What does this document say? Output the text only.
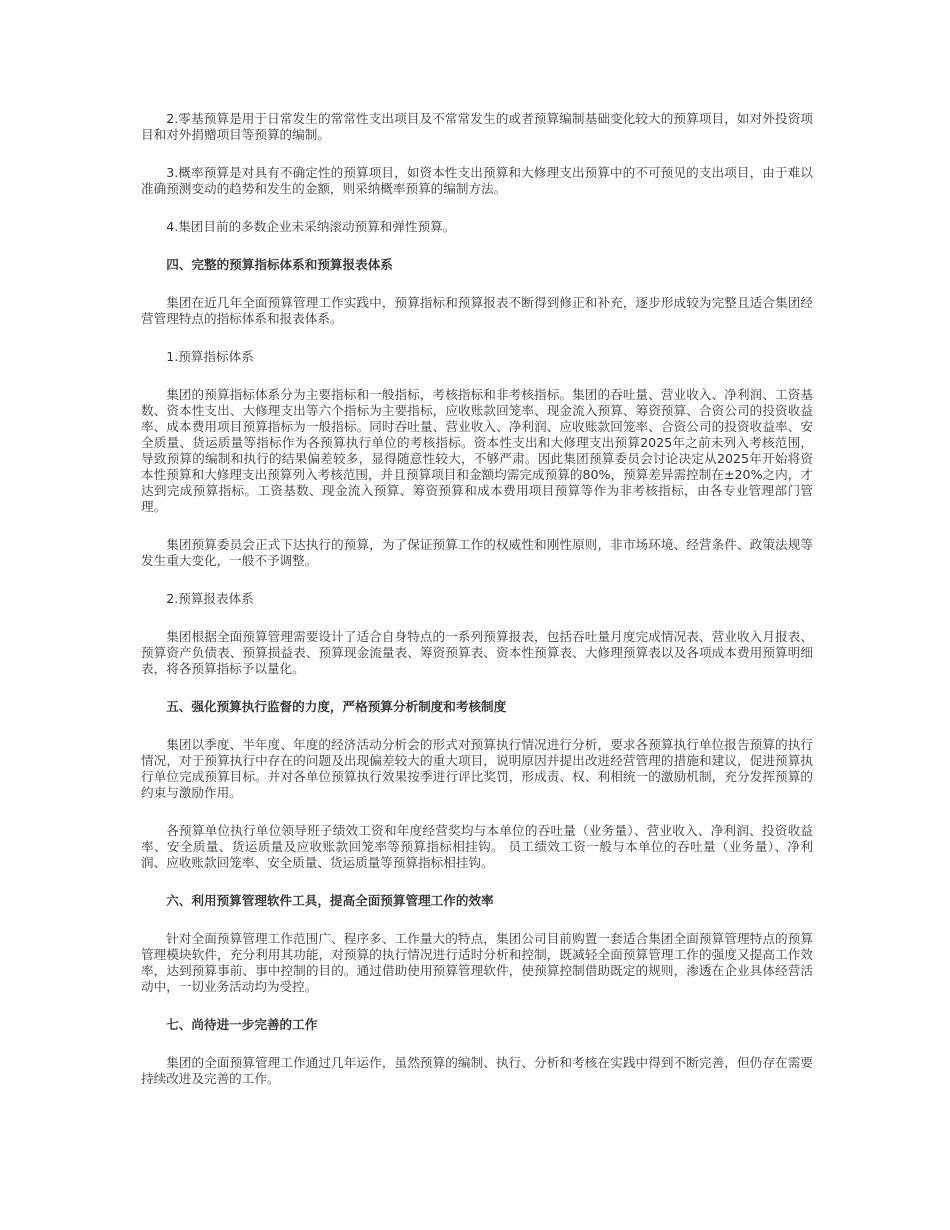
2.零基预算是用于日常发生的常常性支出项目及不常常发生的或者预算编制基础变化较大的预算项目，如对外投资项目和对外捐赠项目等预算的编制。

3.概率预算是对具有不确定性的预算项目，如资本性支出预算和大修理支出预算中的不可预见的支出项目，由于难以准确预测变动的趋势和发生的金额，则采纳概率预算的编制方法。

4.集团目前的多数企业未采纳滚动预算和弹性预算。

四、完整的预算指标体系和预算报表体系

集团在近几年全面预算管理工作实践中，预算指标和预算报表不断得到修正和补充，逐步形成较为完整且适合集团经营管理特点的指标体系和报表体系。

1.预算指标体系

集团的预算指标体系分为主要指标和一般指标，考核指标和非考核指标。集团的吞吐量、营业收入、净利润、工资基数、资本性支出、大修理支出等六个指标为主要指标，应收账款回笼率、现金流入预算、筹资预算、合资公司的投资收益率、成本费用项目预算指标为一般指标。同时吞吐量、营业收入、净利润、应收账款回笼率、合资公司的投资收益率、安全质量、货运质量等指标作为各预算执行单位的考核指标。资本性支出和大修理支出预算2025年之前未列入考核范围，导致预算的编制和执行的结果偏差较多，显得随意性较大，不够严肃。因此集团预算委员会讨论决定从2025年开始将资本性预算和大修理支出预算列入考核范围，并且预算项目和金额均需完成预算的80%，预算差异需控制在±20%之内，才达到完成预算指标。工资基数、现金流入预算、筹资预算和成本费用项目预算等作为非考核指标，由各专业管理部门管理。

集团预算委员会正式下达执行的预算，为了保证预算工作的权威性和刚性原则，非市场环境、经营条件、政策法规等发生重大变化，一般不予调整。

2.预算报表体系

集团根据全面预算管理需要设计了适合自身特点的一系列预算报表，包括吞吐量月度完成情况表、营业收入月报表、预算资产负债表、预算损益表、预算现金流量表、筹资预算表、资本性预算表、大修理预算表以及各项成本费用预算明细表，将各预算指标予以量化。

五、强化预算执行监督的力度，严格预算分析制度和考核制度

集团以季度、半年度、年度的经济活动分析会的形式对预算执行情况进行分析，要求各预算执行单位报告预算的执行情况，对于预算执行中存在的问题及出现偏差较大的重大项目，说明原因并提出改进经营管理的措施和建议，促进预算执行单位完成预算目标。并对各单位预算执行效果按季进行评比奖罚，形成责、权、利相统一的激励机制，充分发挥预算的约束与激励作用。

各预算单位执行单位领导班子绩效工资和年度经营奖均与本单位的吞吐量（业务量）、营业收入、净利润、投资收益率、安全质量、货运质量及应收账款回笼率等预算指标相挂钩。 员工绩效工资一般与本单位的吞吐量（业务量）、净利润、应收账款回笼率、安全质量、货运质量等预算指标相挂钩。

六、利用预算管理软件工具，提高全面预算管理工作的效率

针对全面预算管理工作范围广、程序多、工作量大的特点，集团公司目前购置一套适合集团全面预算管理特点的预算管理模块软件，充分利用其功能，对预算的执行情况进行适时分析和控制，既减轻全面预算管理工作的强度又提高工作效率，达到预算事前、事中控制的目的。通过借助使用预算管理软件，使预算控制借助既定的规则，渗透在企业具体经营活动中，一切业务活动均为受控。

七、尚待进一步完善的工作

集团的全面预算管理工作通过几年运作，虽然预算的编制、执行、分析和考核在实践中得到不断完善，但仍存在需要持续改进及完善的工作。
